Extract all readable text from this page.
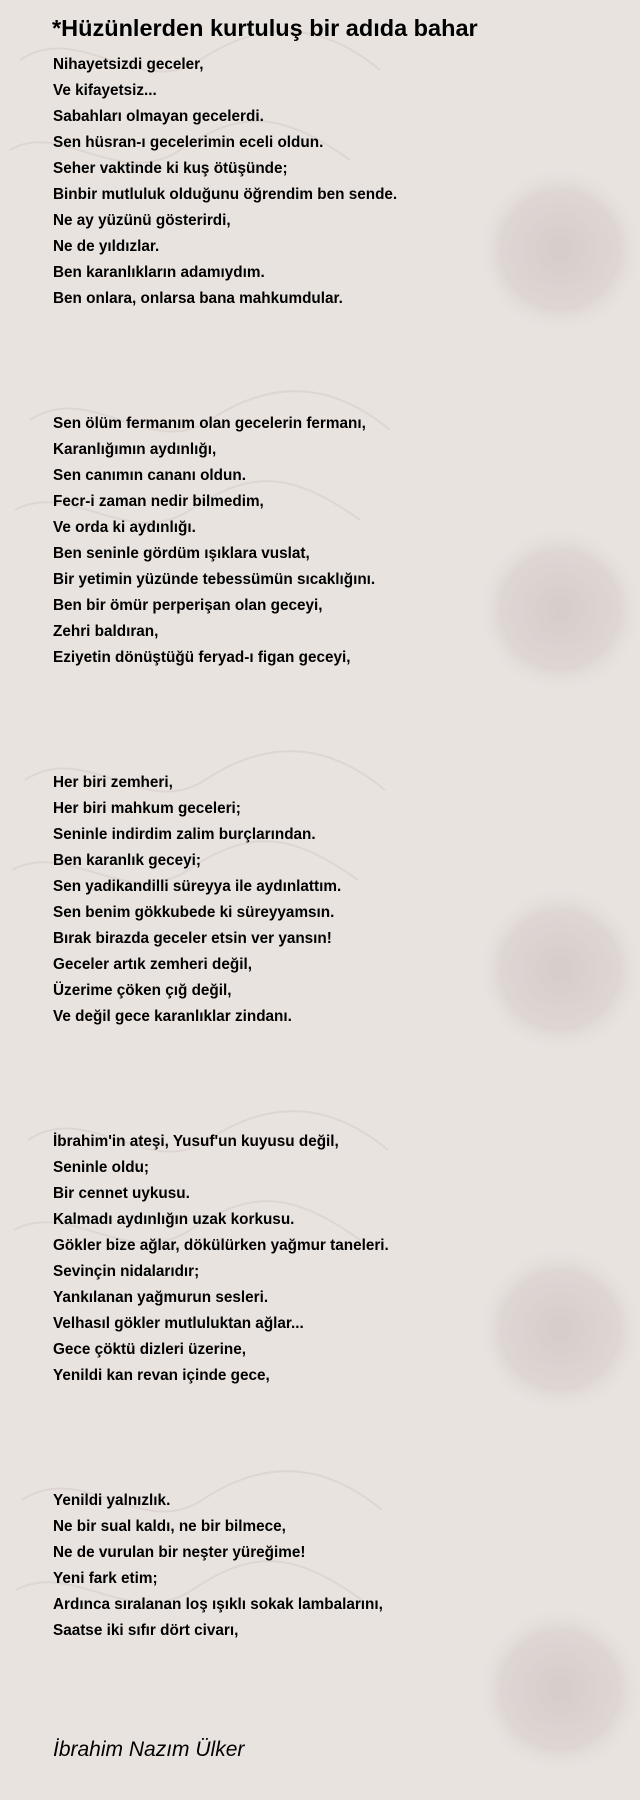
*Hüzünlerden kurtuluş bir adıda bahar
Nihayetsizdi geceler,
Ve kifayetsiz...
Sabahları olmayan gecelerdi.
Sen hüsran-ı gecelerimin eceli oldun.
Seher vaktinde ki kuş ötüşünde;
Binbir mutluluk olduğunu öğrendim ben sende.
Ne ay yüzünü gösterirdi,
Ne de yıldızlar.
Ben karanlıkların adamıydım.
Ben onlara, onlarsa bana mahkumdular.
Sen ölüm fermanım olan gecelerin fermanı,
Karanlığımın aydınlığı,
Sen canımın cananı oldun.
Fecr-i zaman nedir bilmedim,
Ve orda ki aydınlığı.
Ben seninle gördüm ışıklara vuslat,
Bir yetimin yüzünde tebessümün sıcaklığını.
Ben bir ömür perperişan olan geceyi,
Zehri baldıran,
Eziyetin dönüştüğü feryad-ı figan geceyi,
Her biri zemheri,
Her biri mahkum geceleri;
Seninle indirdim zalim burçlarından.
Ben karanlık geceyi;
Sen yadikandilli süreyya ile aydınlattım.
Sen benim gökkubede ki süreyyamsın.
Bırak birazda geceler etsin ver yansın!
Geceler artık zemheri değil,
Üzerime çöken çığ değil,
Ve değil gece karanlıklar zindanı.
İbrahim'in ateşi, Yusuf'un kuyusu değil,
Seninle oldu;
Bir cennet uykusu.
Kalmadı aydınlığın uzak korkusu.
Gökler bize ağlar, dökülürken yağmur taneleri.
Sevinçin nidalarıdır;
Yankılanan yağmurun sesleri.
Velhasıl gökler mutluluktan ağlar...
Gece çöktü dizleri üzerine,
Yenildi kan revan içinde gece,
Yenildi yalnızlık.
Ne bir sual kaldı, ne bir bilmece,
Ne de vurulan bir neşter yüreğime!
Yeni fark etim;
Ardınca sıralanan loş ışıklı sokak lambalarını,
Saatse iki sıfır dört civarı,

İbrahim Nazım Ülker
